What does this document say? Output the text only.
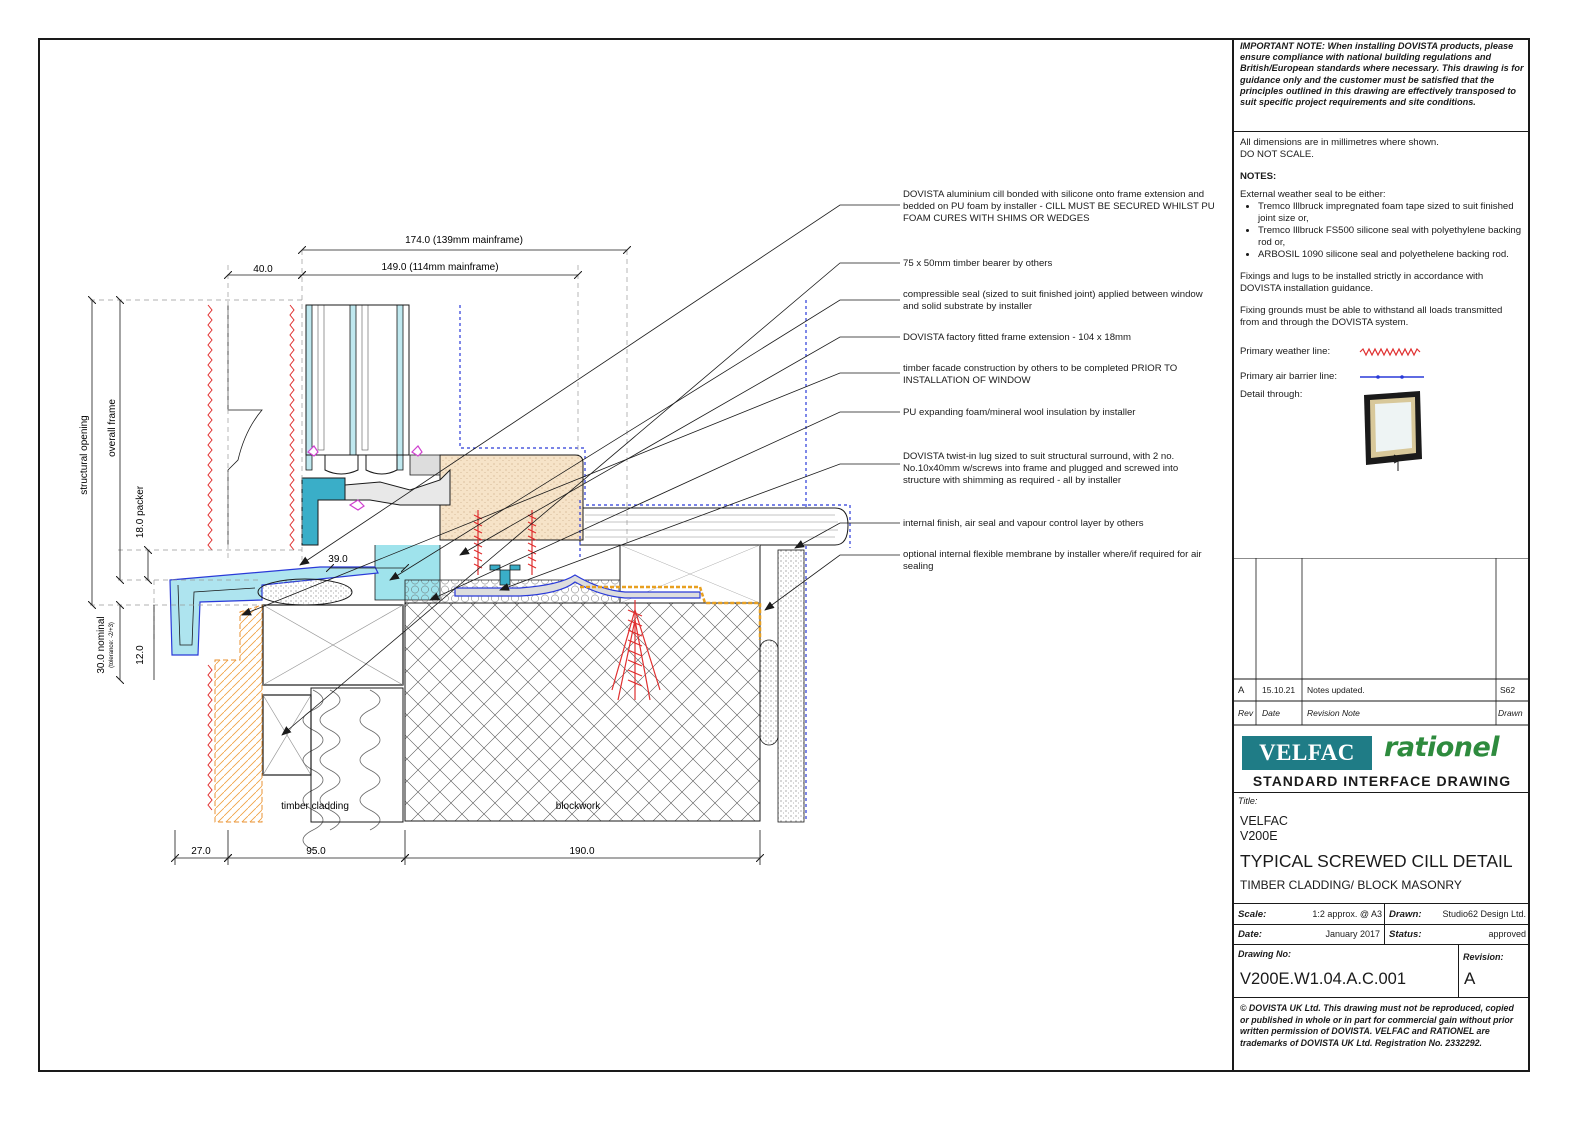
174.0 (139mm mainframe)
149.0 (114mm mainframe)
40.0
39.0
27.0	95.0	190.0
structural opening overall frame
18.0 packer
30.0 nominal (tolerance: -2/+3) 12.0
timber cladding	blockwork
DOVISTA aluminium cill bonded with silicone onto frame extension and bedded on PU foam by installer - CILL MUST BE SECURED WHILST PU FOAM CURES WITH SHIMS OR WEDGES
75 x 50mm timber bearer by others
compressible seal (sized to suit finished joint) applied between window and solid substrate by installer
DOVISTA factory fitted frame extension - 104 x 18mm
timber facade construction by others to be completed PRIOR TO INSTALLATION OF WINDOW
PU expanding foam/mineral wool insulation by installer
DOVISTA twist-in lug sized to suit structural surround, with 2 no. No.10x40mm w/screws into frame and plugged and screwed into structure with shimming as required - all by installer
internal finish, air seal and vapour control layer by others
optional internal flexible membrane by installer where/if required for air sealing
IMPORTANT NOTE: When installing DOVISTA products, please ensure compliance with national building regulations and British/European standards where necessary. This drawing is for guidance only and the customer must be satisfied that the principles outlined in this drawing are effectively transposed to suit specific project requirements and site conditions.
All dimensions are in millimetres where shown.
DO NOT SCALE.
NOTES:
External weather seal to be either:
• Tremco Illbruck impregnated foam tape sized to suit finished joint size or,
• Tremco Illbruck FS500 silicone seal with polyethylene backing rod or,
• ARBOSIL 1090 silicone seal and polyethelene backing rod.

Fixings and lugs to be installed strictly in accordance with DOVISTA installation guidance.

Fixing grounds must be able to withstand all loads transmitted from and through the DOVISTA system.

Primary weather line:
Primary air barrier line:
Detail through:
A 15.10.21 Notes updated.	S62
Rev Date	Revision Note	Drawn
VELFAC	rationel
STANDARD INTERFACE DRAWING
Title:
VELFAC
V200E
TYPICAL SCREWED CILL DETAIL
TIMBER CLADDING/ BLOCK MASONRY
Scale:	1:2 approx. @ A3 Drawn:	Studio62 Design Ltd.
Date:	January 2017 Status:	approved
Drawing No:
V200E.W1.04.A.C.001
Revision:
A
© DOVISTA UK Ltd. This drawing must not be reproduced, copied or published in whole or in part for commercial gain without prior written permission of DOVISTA. VELFAC and RATIONEL are trademarks of DOVISTA UK Ltd. Registration No. 2332292.
